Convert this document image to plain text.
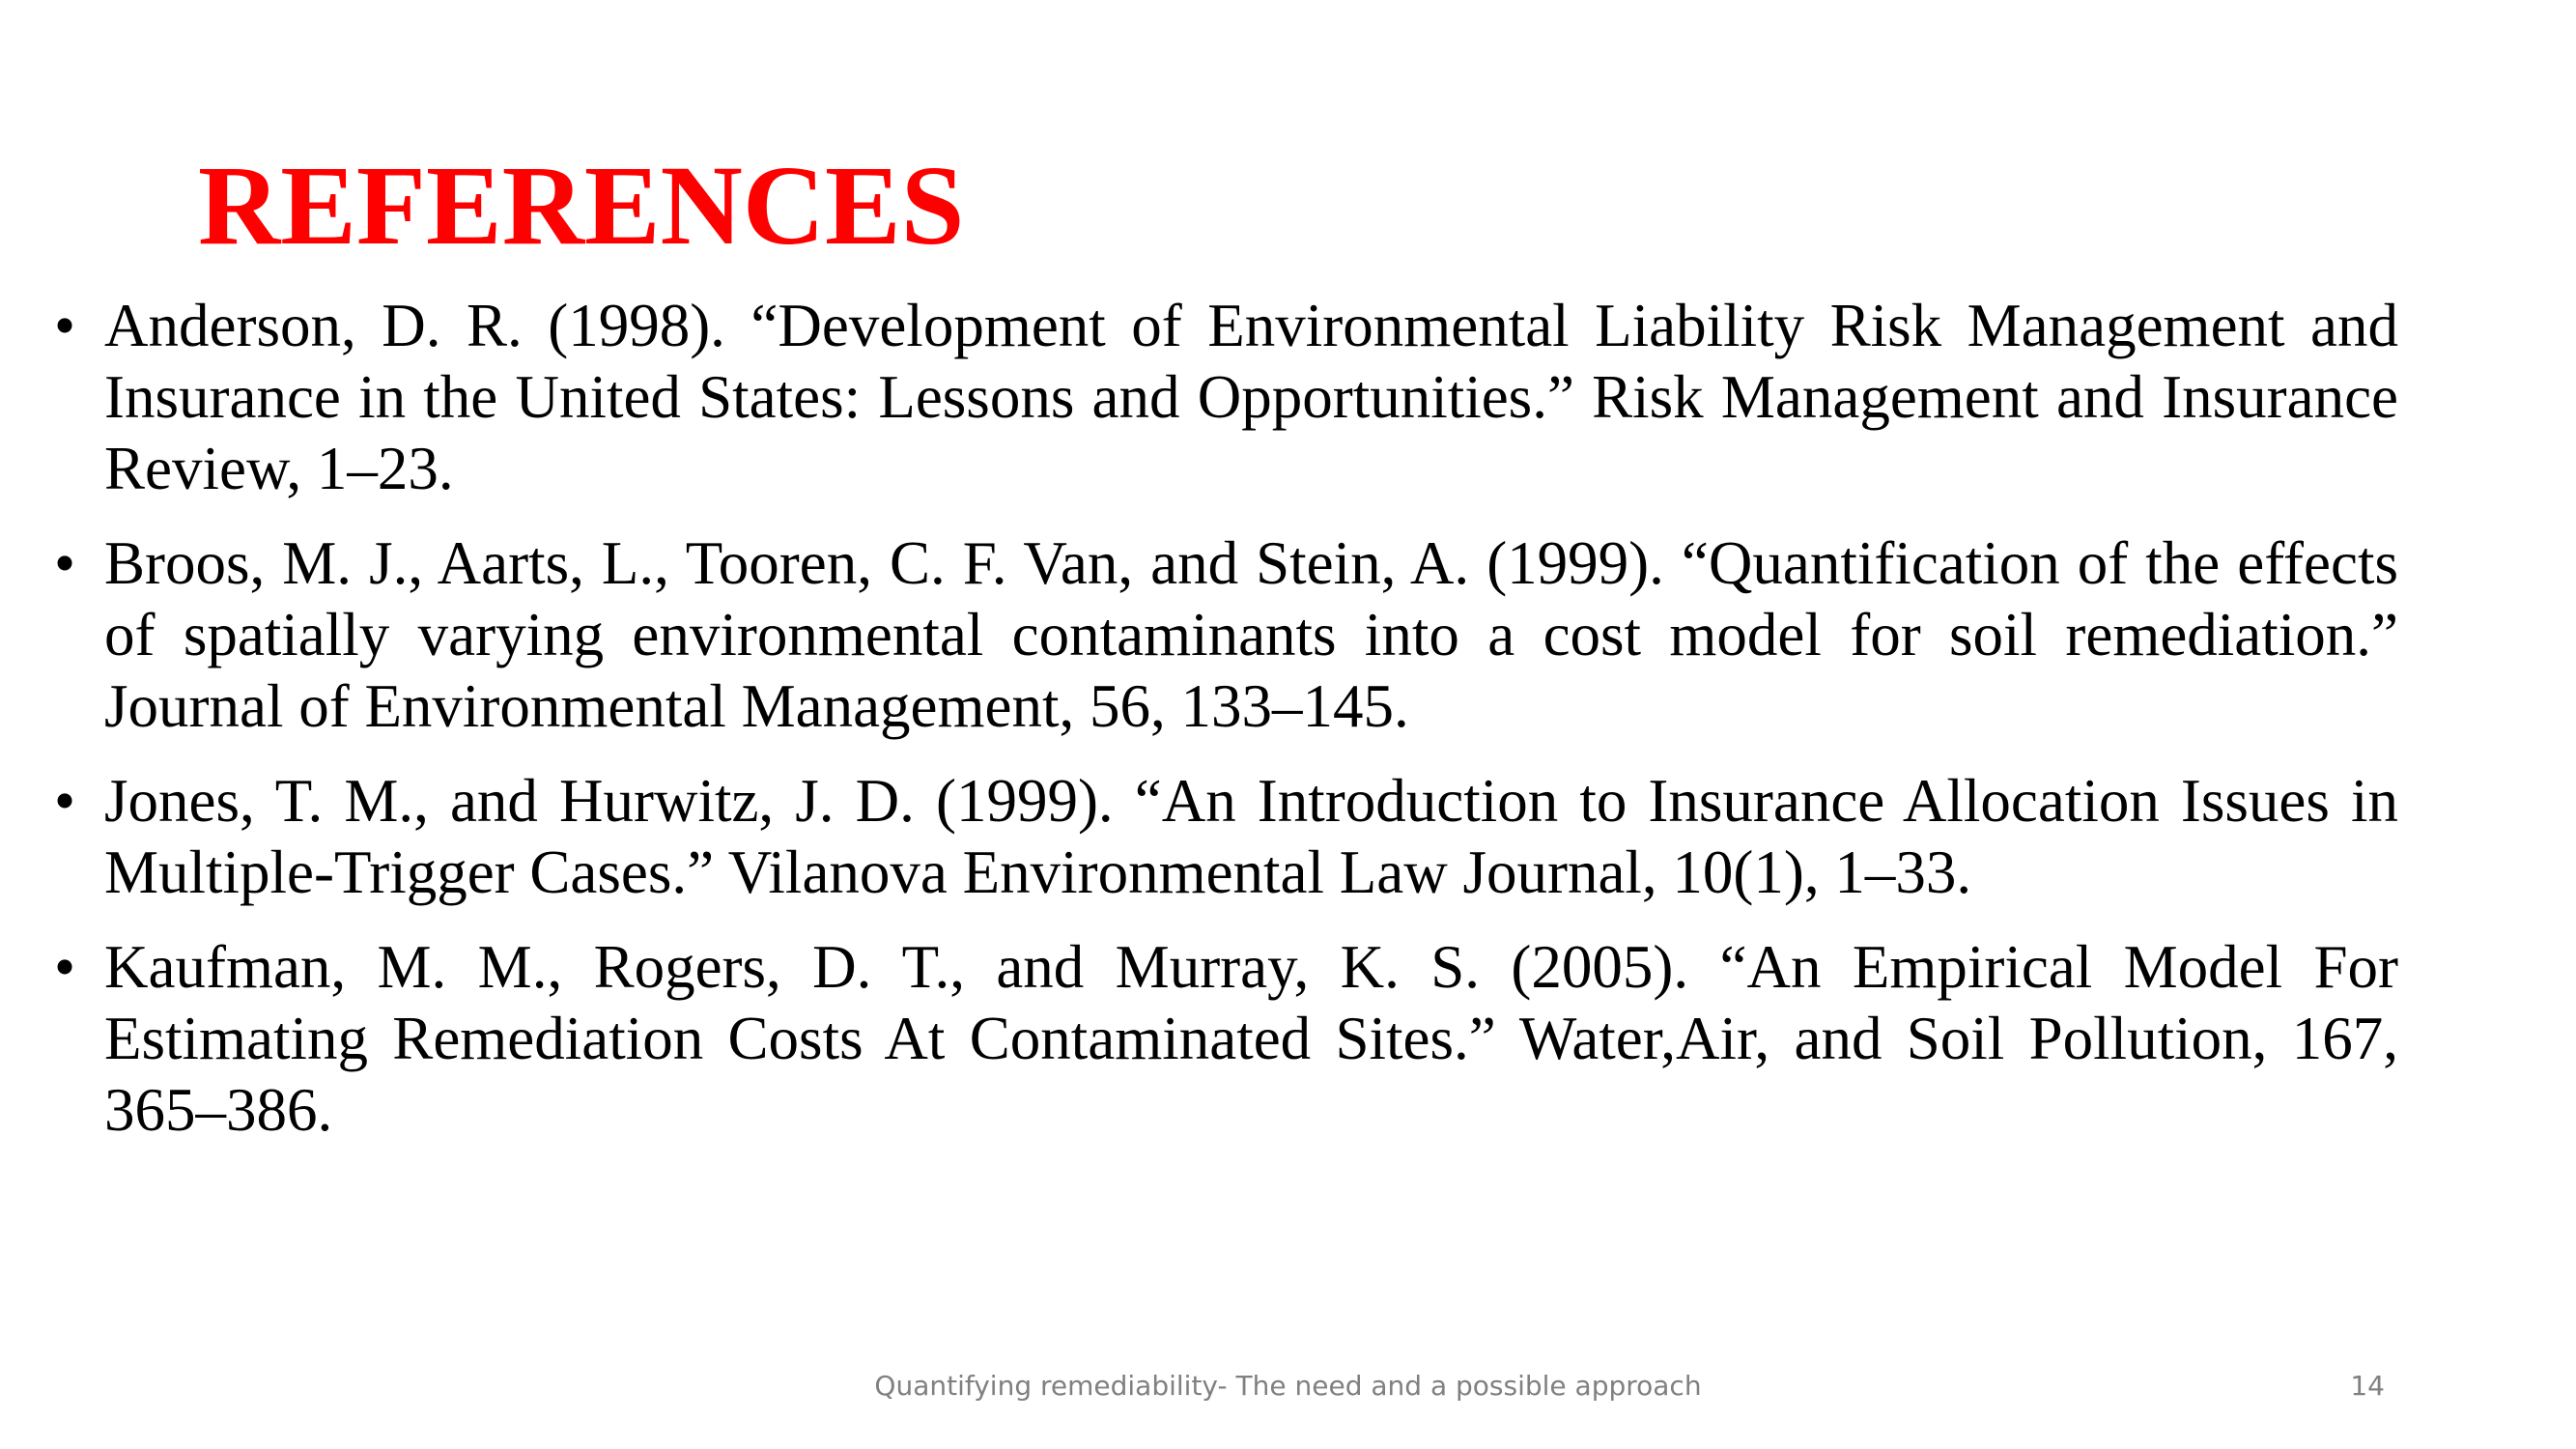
REFERENCES
• Anderson, D. R. (1998). “Development of Environmental Liability Risk Management and Insurance in the United States: Lessons and Opportunities.” Risk Management and Insurance Review, 1–23.
• Broos, M. J., Aarts, L., Tooren, C. F. Van, and Stein, A. (1999). “Quantification of the effects of spatially varying environmental contaminants into a cost model for soil remediation.” Journal of Environmental Management, 56, 133–145.
• Jones, T. M., and Hurwitz, J. D. (1999). “An Introduction to Insurance Allocation Issues in Multiple-Trigger Cases.” Vilanova Environmental Law Journal, 10(1), 1–33.
• Kaufman, M. M., Rogers, D. T., and Murray, K. S. (2005). “An Empirical Model For Estimating Remediation Costs At Contaminated Sites.” Water,Air, and Soil Pollution, 167, 365–386.
Quantifying remediability- The need and a possible approach	14
